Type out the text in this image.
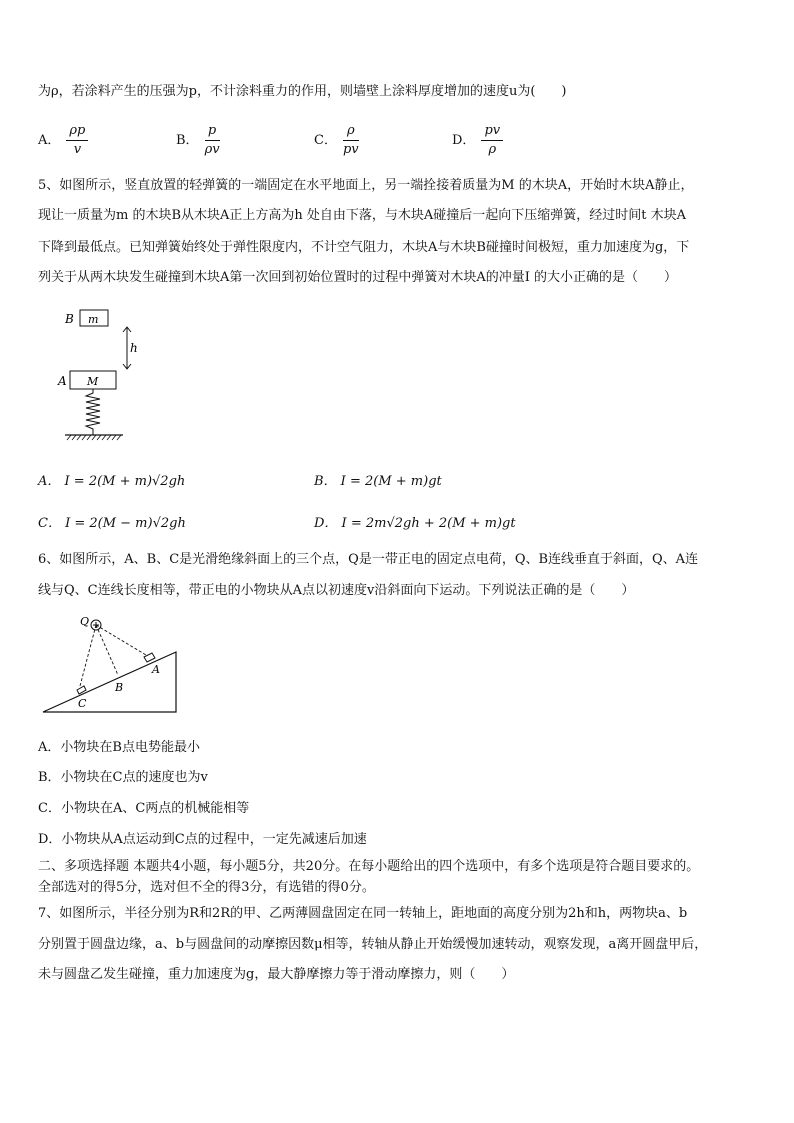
为ρ，若涂料产生的压强为p，不计涂料重力的作用，则墙壁上涂料厚度增加的速度u为(　　)
A． $\frac{\rho p}{v}$	B． $\frac{p}{\rho v}$	C． $\frac{\rho}{pv}$	D． $\frac{pv}{\rho}$
5、如图所示，竖直放置的轻弹簧的一端固定在水平地面上，另一端拴接着质量为M 的木块A，开始时木块A静止，
现让一质量为m 的木块B从木块A正上方高为h 处自由下落，与木块A碰撞后一起向下压缩弹簧，经过时间t 木块A
下降到最低点。已知弹簧始终处于弹性限度内，不计空气阻力，木块A与木块B碰撞时间极短，重力加速度为g，下
列关于从两木块发生碰撞到木块A第一次回到初始位置时的过程中弹簧对木块A的冲量I 的大小正确的是（　　）
B m
h
A M
A． I = 2(M + m)√2gh	B． I = 2(M + m)gt
C． I = 2(M − m)√2gh	D． I = 2m√2gh + 2(M + m)gt
6、如图所示，A、B、C是光滑绝缘斜面上的三个点，Q是一带正电的固定点电荷，Q、B连线垂直于斜面，Q、A连
线与Q、C连线长度相等，带正电的小物块从A点以初速度v沿斜面向下运动。下列说法正确的是（　　）
Q
A
B
C
A．小物块在B点电势能最小
B．小物块在C点的速度也为v
C．小物块在A、C两点的机械能相等
D．小物块从A点运动到C点的过程中，一定先减速后加速
二、多项选择题 本题共4小题，每小题5分，共20分。在每小题给出的四个选项中，有多个选项是符合题目要求的。
全部选对的得5分，选对但不全的得3分，有选错的得0分。
7、如图所示，半径分别为R和2R的甲、乙两薄圆盘固定在同一转轴上，距地面的高度分别为2h和h，两物块a、b
分别置于圆盘边缘，a、b与圆盘间的动摩擦因数μ相等，转轴从静止开始缓慢加速转动，观察发现，a离开圆盘甲后，
未与圆盘乙发生碰撞，重力加速度为g，最大静摩擦力等于滑动摩擦力，则（　　）
